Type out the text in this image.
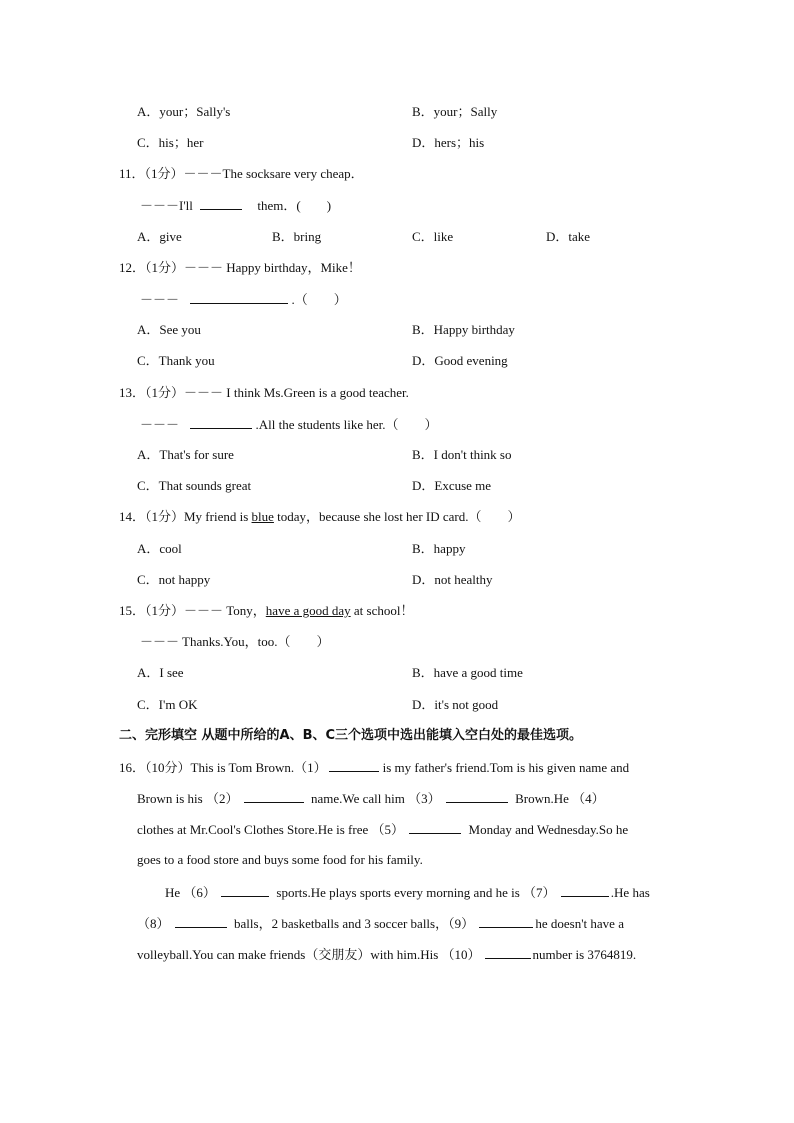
A．your；Sally's	B．your；Sally
C．his；her	D．hers；his
11．（1分）－－－The socksare very cheap．
－－－I'll	them．(　　)
A．give	B．bring	C．like	D．take
12．（1分）－－－ Happy birthday，Mike！
－－－	.（　　）
A．See you	B．Happy birthday
C．Thank you	D．Good evening
13．（1分）－－－ I think Ms.Green is a good teacher.
－－－	.All the students like her.（　　）
A．That's for sure	B．I don't think so
C．That sounds great	D．Excuse me
14．（1分）My friend is blue today，because she lost her ID card.（　　）
A．cool	B．happy
C．not happy	D．not healthy
15．（1分）－－－ Tony，have a good day at school！
－－－ Thanks.You，too.（　　）
A．I see	B．have a good time
C．I'm OK	D．it's not good
二、完形填空 从题中所给的A、B、C三个选项中选出能填入空白处的最佳选项。
16．（10分）This is Tom Brown.（1）	is my father's friend.Tom is his given name and
Brown is his （2）	name.We call him （3）	Brown.He （4）
clothes at Mr.Cool's Clothes Store.He is free （5）	Monday and Wednesday.So he
goes to a food store and buys some food for his family.
He （6）	sports.He plays sports every morning and he is （7）	.He has
（8）	balls，2 basketballs and 3 soccer balls，（9）	he doesn't have a
volleyball.You can make friends（交朋友）with him.His （10）	number is 3764819.
